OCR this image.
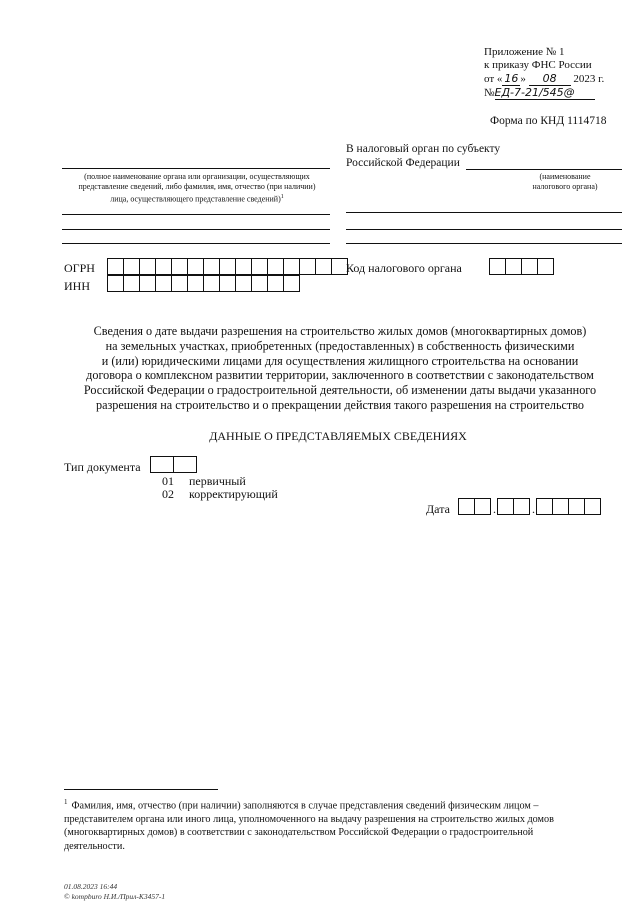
Приложение № 1
к приказу ФНС России
от « 16 » 08 2023 г.
№ЕД-7-21/545@
Форма по КНД 1114718
В налоговый орган по субъекту
Российской Федерации
(наименование
налогового органа)
(полное наименование органа или организации, осуществляющих
представление сведений, либо фамилия, имя, отчество (при наличии)
лица, осуществляющего представление сведений)$^1$
ОГРН
ИНН
Код налогового органа
Сведения о дате выдачи разрешения на строительство жилых домов (многоквартирных домов)
на земельных участках, приобретенных (предоставленных) в собственность физическими
и (или) юридическими лицами для осуществления жилищного строительства на основании
договора о комплексном развитии территории, заключенного в соответствии с законодательством
Российской Федерации о градостроительной деятельности, об изменении даты выдачи указанного
разрешения на строительство и о прекращении действия такого разрешения на строительство
ДАННЫЕ О ПРЕДСТАВЛЯЕМЫХ СВЕДЕНИЯХ
Тип документа
01 первичный
02 корректирующий
Дата	.	.
$^1$ Фамилия, имя, отчество (при наличии) заполняются в случае представления сведений физическим лицом –
представителем органа или иного лица, уполномоченного на выдачу разрешения на строительство жилых домов
(многоквартирных домов) в соответствии с законодательством Российской Федерации о градостроительной
деятельности.
01.08.2023 16:44
© kompburo Н.И./Прил-К3457-1
